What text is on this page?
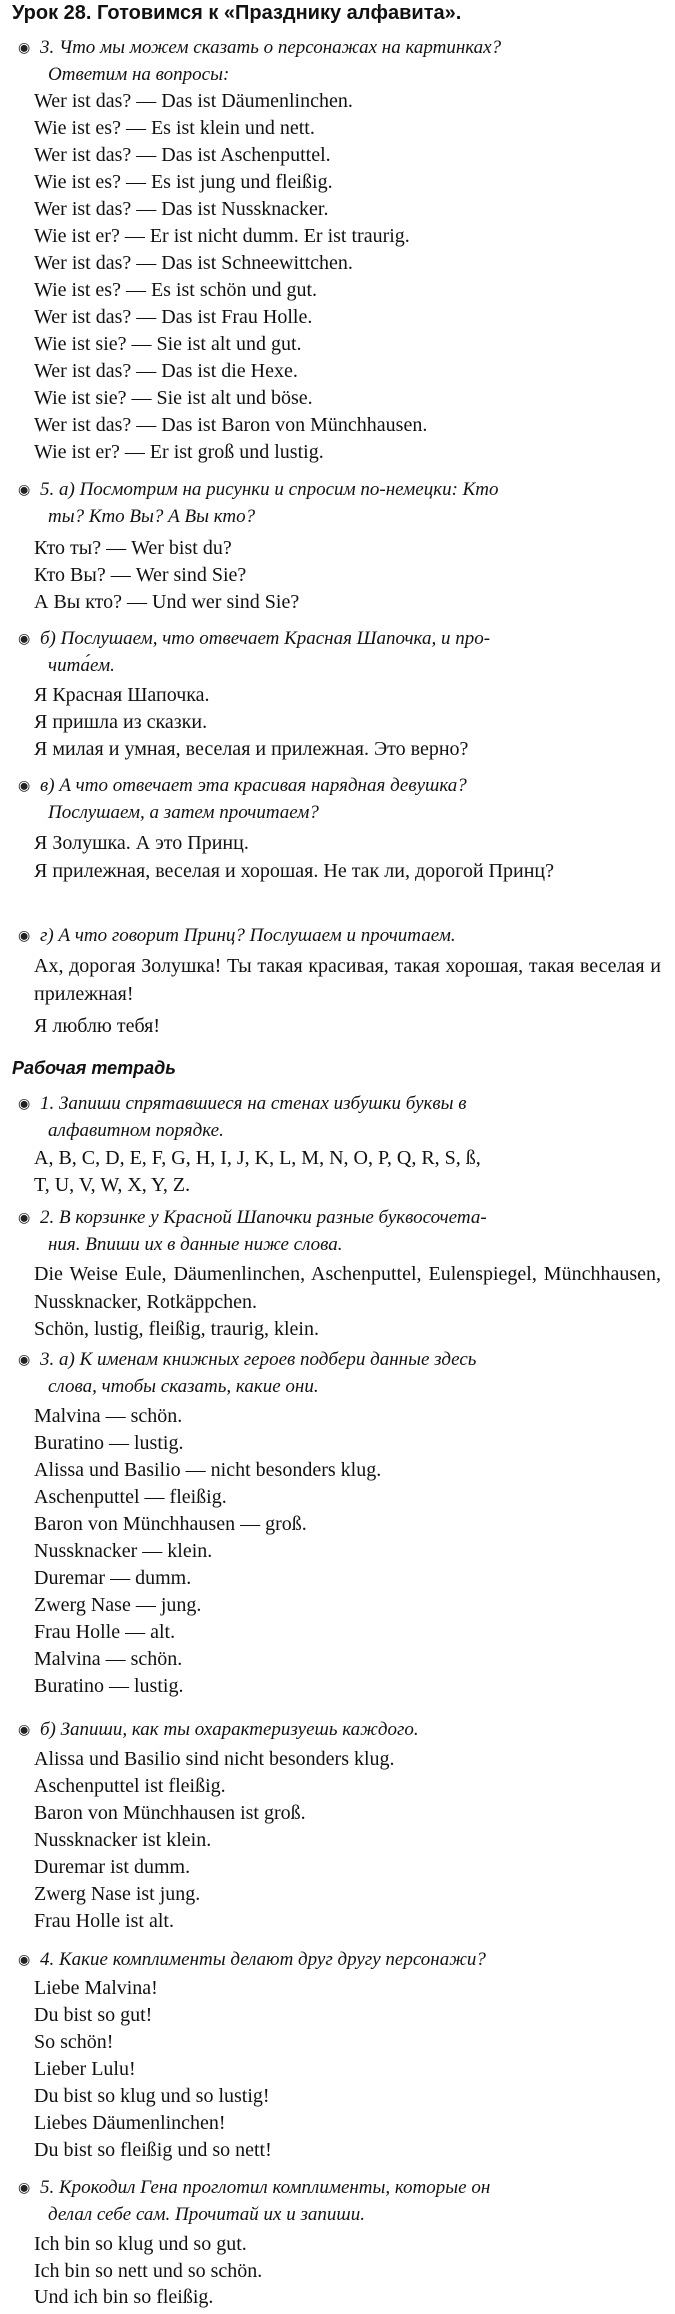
Урок 28. Готовимся к «Празднику алфавита».
◉ 3. Что мы можем сказать о персонажах на картинках?
Ответим на вопросы:
Wer ist das? — Das ist Däumenlinchen.
Wie ist es? — Es ist klein und nett.
Wer ist das? — Das ist Aschenputtel.
Wie ist es? — Es ist jung und fleißig.
Wer ist das? — Das ist Nussknacker.
Wie ist er? — Er ist nicht dumm. Er ist traurig.
Wer ist das? — Das ist Schneewittchen.
Wie ist es? — Es ist schön und gut.
Wer ist das? — Das ist Frau Holle.
Wie ist sie? — Sie ist alt und gut.
Wer ist das? — Das ist die Hexe.
Wie ist sie? — Sie ist alt und böse.
Wer ist das? — Das ist Baron von Münchhausen.
Wie ist er? — Er ist groß und lustig.
◉ 5. а) Посмотрим на рисунки и спросим по-немецки: Кто
ты? Кто Вы? А Вы кто?
Кто ты? — Wer bist du?
Кто Вы? — Wer sind Sie?
А Вы кто? — Und wer sind Sie?
◉ б) Послушаем, что отвечает Красная Шапочка, и про-
чита́ем.
Я Красная Шапочка.
Я пришла из сказки.
Я милая и умная, веселая и прилежная. Это верно?
◉ в) А что отвечает эта красивая нарядная девушка?
Послушаем, а затем прочитаем?
Я Золушка. А это Принц.
Я прилежная, веселая и хорошая. Не так ли, дорогой Принц?
◉ г) А что говорит Принц? Послушаем и прочитаем.
Ах, дорогая Золушка! Ты такая красивая, такая хорошая, такая веселая и прилежная!
Я люблю тебя!
Рабочая тетрадь
◉ 1. Запиши спрятавшиеся на стенах избушки буквы в
алфавитном порядке.
A, B, C, D, E, F, G, H, I, J, K, L, M, N, O, P, Q, R, S, ß,
T, U, V, W, X, Y, Z.
◉ 2. В корзинке у Красной Шапочки разные буквосочета-
ния. Впиши их в данные ниже слова.
Die Weise Eule, Däumenlinchen, Aschenputtel, Eulenspiegel, Münchhausen, Nussknacker, Rotkäppchen.
Schön, lustig, fleißig, traurig, klein.
◉ 3. а) К именам книжных героев подбери данные здесь
слова, чтобы сказать, какие они.
Malvina — schön.
Buratino — lustig.
Alissa und Basilio — nicht besonders klug.
Aschenputtel — fleißig.
Baron von Münchhausen — groß.
Nussknacker — klein.
Duremar — dumm.
Zwerg Nase — jung.
Frau Holle — alt.
Malvina — schön.
Buratino — lustig.
◉ б) Запиши, как ты охарактеризуешь каждого.
Alissa und Basilio sind nicht besonders klug.
Aschenputtel ist fleißig.
Baron von Münchhausen ist groß.
Nussknacker ist klein.
Duremar ist dumm.
Zwerg Nase ist jung.
Frau Holle ist alt.
◉ 4. Какие комплименты делают друг другу персонажи?
Liebe Malvina!
Du bist so gut!
So schön!
Lieber Lulu!
Du bist so klug und so lustig!
Liebes Däumenlinchen!
Du bist so fleißig und so nett!
◉ 5. Крокодил Гена проглотил комплименты, которые он
делал себе сам. Прочитай их и запиши.
Ich bin so klug und so gut.
Ich bin so nett und so schön.
Und ich bin so fleißig.
